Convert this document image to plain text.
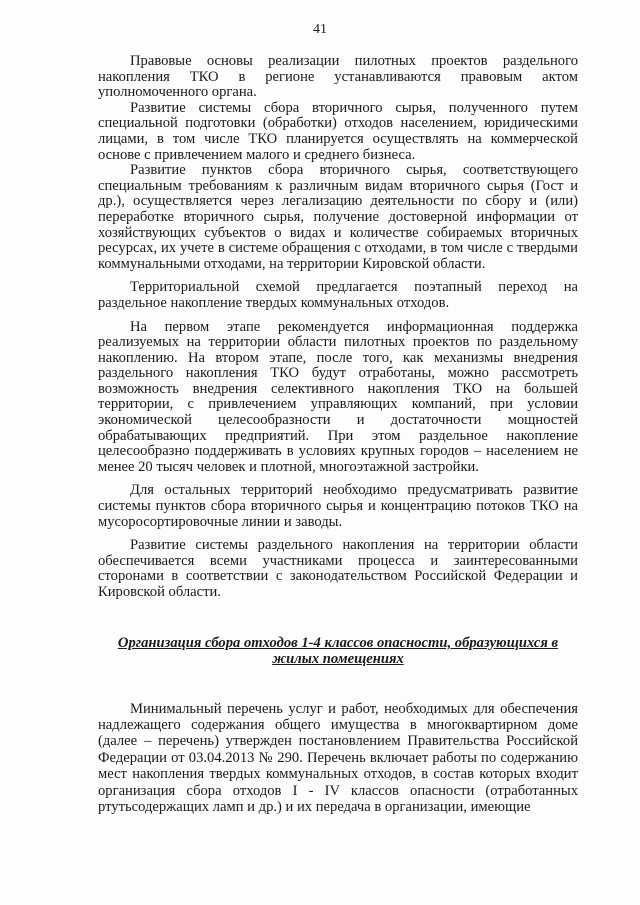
41

Правовые основы реализации пилотных проектов раздельного накопления ТКО в регионе устанавливаются правовым актом уполномоченного органа.

Развитие системы сбора вторичного сырья, полученного путем специальной подготовки (обработки) отходов населением, юридическими лицами, в том числе ТКО планируется осуществлять на коммерческой основе с привлечением малого и среднего бизнеса.

Развитие пунктов сбора вторичного сырья, соответствующего специальным требованиям к различным видам вторичного сырья (Гост и др.), осуществляется через легализацию деятельности по сбору и (или) переработке вторичного сырья, получение достоверной информации от хозяйствующих субъектов о видах и количестве собираемых вторичных ресурсах, их учете в системе обращения с отходами, в том числе с твердыми коммунальными отходами, на территории Кировской области.

Территориальной схемой предлагается поэтапный переход на раздельное накопление твердых коммунальных отходов.

На первом этапе рекомендуется информационная поддержка реализуемых на территории области пилотных проектов по раздельному накоплению. На втором этапе, после того, как механизмы внедрения раздельного накопления ТКО будут отработаны, можно рассмотреть возможность внедрения селективного накопления ТКО на большей территории, с привлечением управляющих компаний, при условии экономической целесообразности и достаточности мощностей обрабатывающих предприятий. При этом раздельное накопление целесообразно поддерживать в условиях крупных городов – населением не менее 20 тысяч человек и плотной, многоэтажной застройки.

Для остальных территорий необходимо предусматривать развитие системы пунктов сбора вторичного сырья и концентрацию потоков ТКО на мусоросортировочные линии и заводы.

Развитие системы раздельного накопления на территории области обеспечивается всеми участниками процесса и заинтересованными сторонами в соответствии с законодательством Российской Федерации и Кировской области.

Организация сбора отходов 1-4 классов опасности, образующихся в жилых помещениях

Минимальный перечень услуг и работ, необходимых для обеспечения надлежащего содержания общего имущества в многоквартирном доме (далее – перечень) утвержден постановлением Правительства Российской Федерации от 03.04.2013 № 290. Перечень включает работы по содержанию мест накопления твердых коммунальных отходов, в состав которых входит организация сбора отходов I - IV классов опасности (отработанных ртутьсодержащих ламп и др.) и их передача в организации, имеющие
